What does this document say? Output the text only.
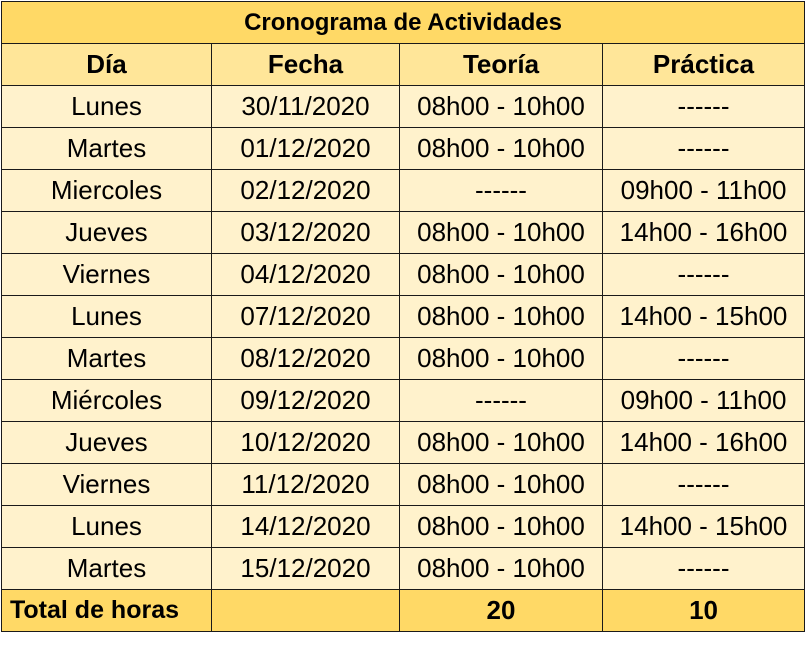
Cronograma de Actividades			
Día	Fecha	Teoría	Práctica
Lunes	30/11/2020	08h00 - 10h00	------
Martes	01/12/2020	08h00 - 10h00	------
Miercoles	02/12/2020	------	09h00 - 11h00
Jueves	03/12/2020	08h00 - 10h00	14h00 - 16h00
Viernes	04/12/2020	08h00 - 10h00	------
Lunes	07/12/2020	08h00 - 10h00	14h00 - 15h00
Martes	08/12/2020	08h00 - 10h00	------
Miércoles	09/12/2020	------	09h00 - 11h00
Jueves	10/12/2020	08h00 - 10h00	14h00 - 16h00
Viernes	11/12/2020	08h00 - 10h00	------
Lunes	14/12/2020	08h00 - 10h00	14h00 - 15h00
Martes	15/12/2020	08h00 - 10h00	------
Total de horas		20	10
